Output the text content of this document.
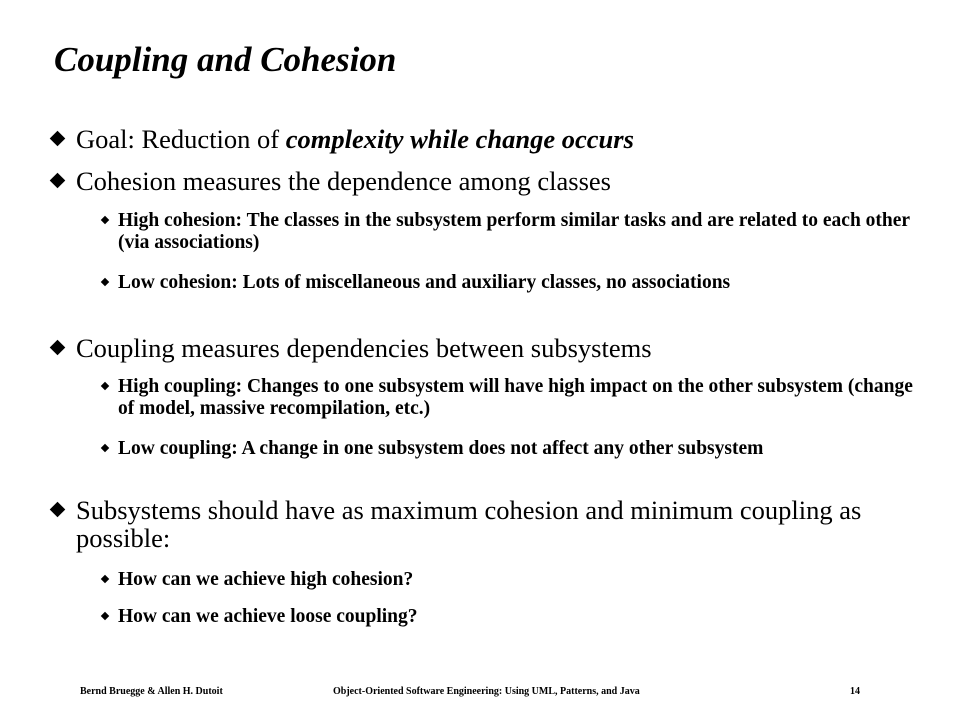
Coupling and Cohesion
Goal: Reduction of complexity while change occurs
Cohesion measures the dependence among classes
High cohesion: The classes in the subsystem perform similar tasks and are related to each other (via associations)
Low cohesion: Lots of miscellaneous and auxiliary classes, no associations
Coupling measures dependencies between subsystems
High coupling: Changes to one subsystem will have high impact on the other subsystem (change of model, massive recompilation, etc.)
Low coupling: A change in one subsystem does not affect any other subsystem
Subsystems should have as maximum cohesion and minimum coupling as possible:
How can we achieve high cohesion?
How can we achieve loose coupling?
Bernd Bruegge & Allen H. Dutoit	Object-Oriented Software Engineering: Using UML, Patterns, and Java	14
